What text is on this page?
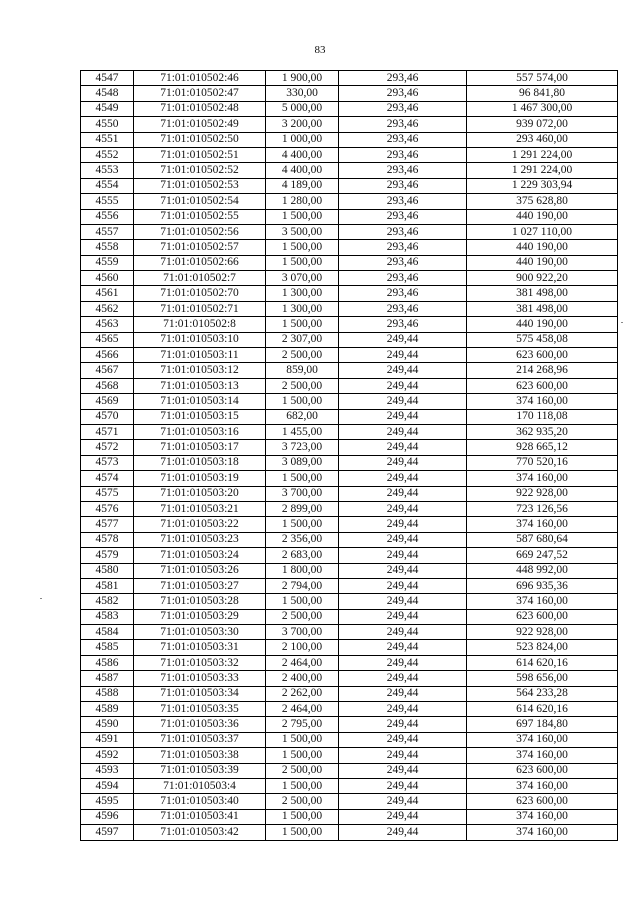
83
4547	71:01:010502:46	1 900,00	293,46	557 574,00
4548	71:01:010502:47	330,00	293,46	96 841,80
4549	71:01:010502:48	5 000,00	293,46	1 467 300,00
4550	71:01:010502:49	3 200,00	293,46	939 072,00
4551	71:01:010502:50	1 000,00	293,46	293 460,00
4552	71:01:010502:51	4 400,00	293,46	1 291 224,00
4553	71:01:010502:52	4 400,00	293,46	1 291 224,00
4554	71:01:010502:53	4 189,00	293,46	1 229 303,94
4555	71:01:010502:54	1 280,00	293,46	375 628,80
4556	71:01:010502:55	1 500,00	293,46	440 190,00
4557	71:01:010502:56	3 500,00	293,46	1 027 110,00
4558	71:01:010502:57	1 500,00	293,46	440 190,00
4559	71:01:010502:66	1 500,00	293,46	440 190,00
4560	71:01:010502:7	3 070,00	293,46	900 922,20
4561	71:01:010502:70	1 300,00	293,46	381 498,00
4562	71:01:010502:71	1 300,00	293,46	381 498,00
4563	71:01:010502:8	1 500,00	293,46	440 190,00
4565	71:01:010503:10	2 307,00	249,44	575 458,08
4566	71:01:010503:11	2 500,00	249,44	623 600,00
4567	71:01:010503:12	859,00	249,44	214 268,96
4568	71:01:010503:13	2 500,00	249,44	623 600,00
4569	71:01:010503:14	1 500,00	249,44	374 160,00
4570	71:01:010503:15	682,00	249,44	170 118,08
4571	71:01:010503:16	1 455,00	249,44	362 935,20
4572	71:01:010503:17	3 723,00	249,44	928 665,12
4573	71:01:010503:18	3 089,00	249,44	770 520,16
4574	71:01:010503:19	1 500,00	249,44	374 160,00
4575	71:01:010503:20	3 700,00	249,44	922 928,00
4576	71:01:010503:21	2 899,00	249,44	723 126,56
4577	71:01:010503:22	1 500,00	249,44	374 160,00
4578	71:01:010503:23	2 356,00	249,44	587 680,64
4579	71:01:010503:24	2 683,00	249,44	669 247,52
4580	71:01:010503:26	1 800,00	249,44	448 992,00
4581	71:01:010503:27	2 794,00	249,44	696 935,36
4582	71:01:010503:28	1 500,00	249,44	374 160,00
4583	71:01:010503:29	2 500,00	249,44	623 600,00
4584	71:01:010503:30	3 700,00	249,44	922 928,00
4585	71:01:010503:31	2 100,00	249,44	523 824,00
4586	71:01:010503:32	2 464,00	249,44	614 620,16
4587	71:01:010503:33	2 400,00	249,44	598 656,00
4588	71:01:010503:34	2 262,00	249,44	564 233,28
4589	71:01:010503:35	2 464,00	249,44	614 620,16
4590	71:01:010503:36	2 795,00	249,44	697 184,80
4591	71:01:010503:37	1 500,00	249,44	374 160,00
4592	71:01:010503:38	1 500,00	249,44	374 160,00
4593	71:01:010503:39	2 500,00	249,44	623 600,00
4594	71:01:010503:4	1 500,00	249,44	374 160,00
4595	71:01:010503:40	2 500,00	249,44	623 600,00
4596	71:01:010503:41	1 500,00	249,44	374 160,00
4597	71:01:010503:42	1 500,00	249,44	374 160,00
